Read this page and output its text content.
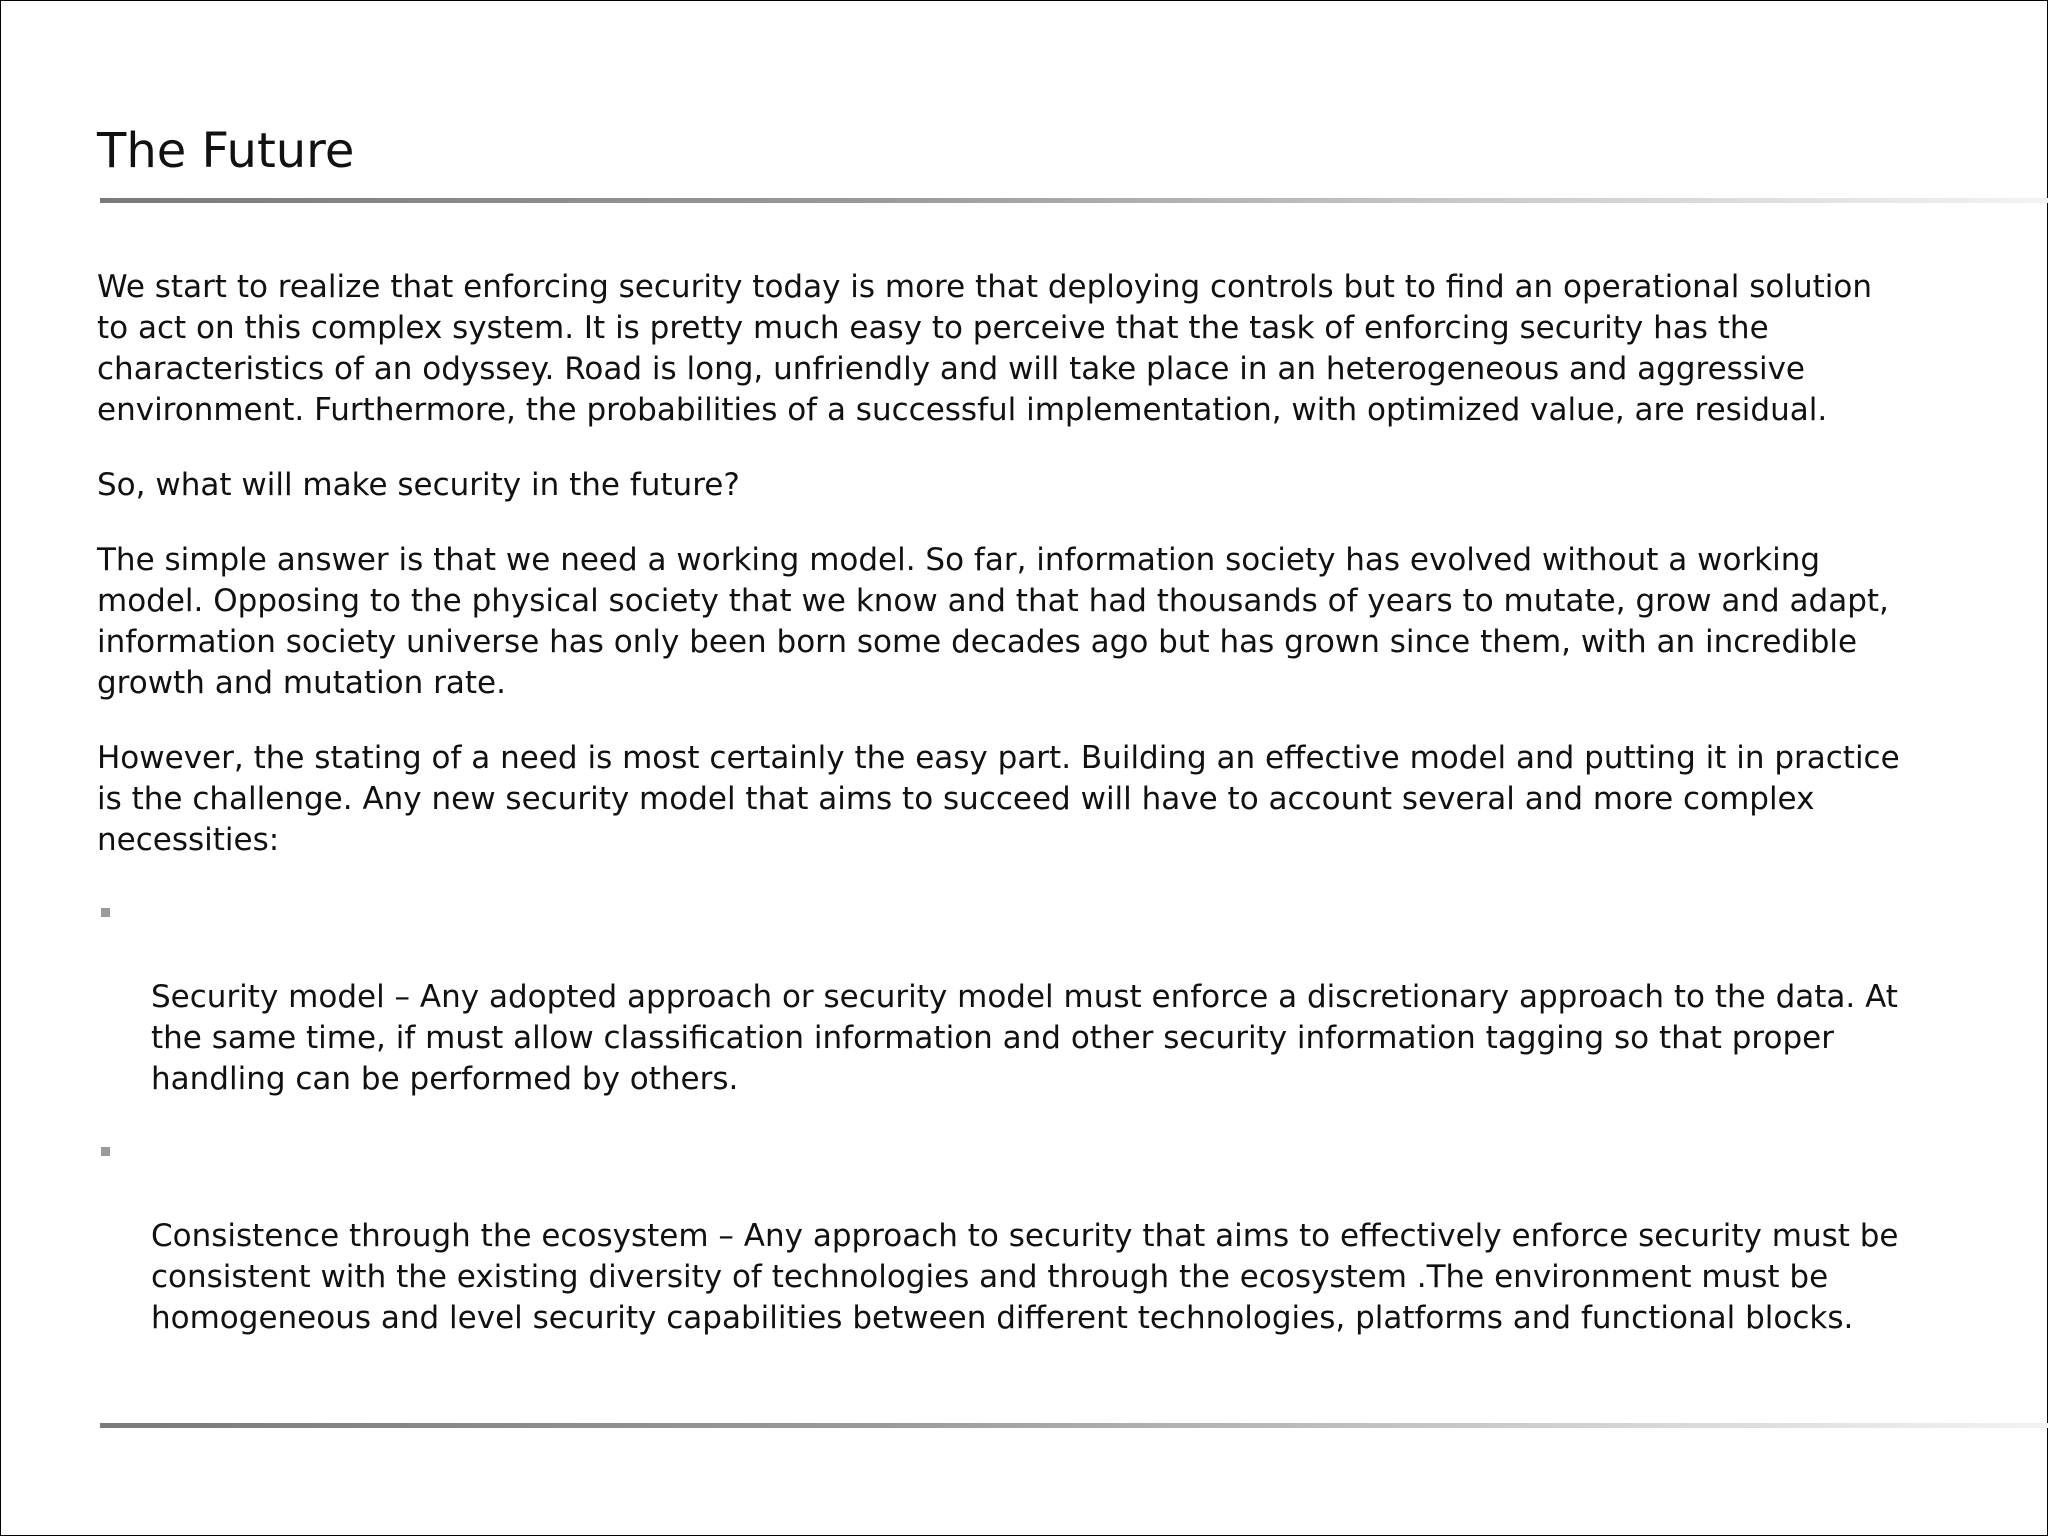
The Future

We start to realize that enforcing security today is more that deploying controls but to find an operational solution
to act on this complex system. It is pretty much easy to perceive that the task of enforcing security has the
characteristics of an odyssey. Road is long, unfriendly and will take place in an heterogeneous and aggressive
environment. Furthermore, the probabilities of a successful implementation, with optimized value, are residual.

So, what will make security in the future?

The simple answer is that we need a working model. So far, information society has evolved without a working
model. Opposing to the physical society that we know and that had thousands of years to mutate, grow and adapt,
information society universe has only been born some decades ago but has grown since them, with an incredible
growth and mutation rate.

However, the stating of a need is most certainly the easy part. Building an effective model and putting it in practice
is the challenge. Any new security model that aims to succeed will have to account several and more complex
necessities:

Security model – Any adopted approach or security model must enforce a discretionary approach to the data. At
the same time, if must allow classification information and other security information tagging so that proper
handling can be performed by others.

Consistence through the ecosystem – Any approach to security that aims to effectively enforce security must be
consistent with the existing diversity of technologies and through the ecosystem .The environment must be
homogeneous and level security capabilities between different technologies, platforms and functional blocks.
